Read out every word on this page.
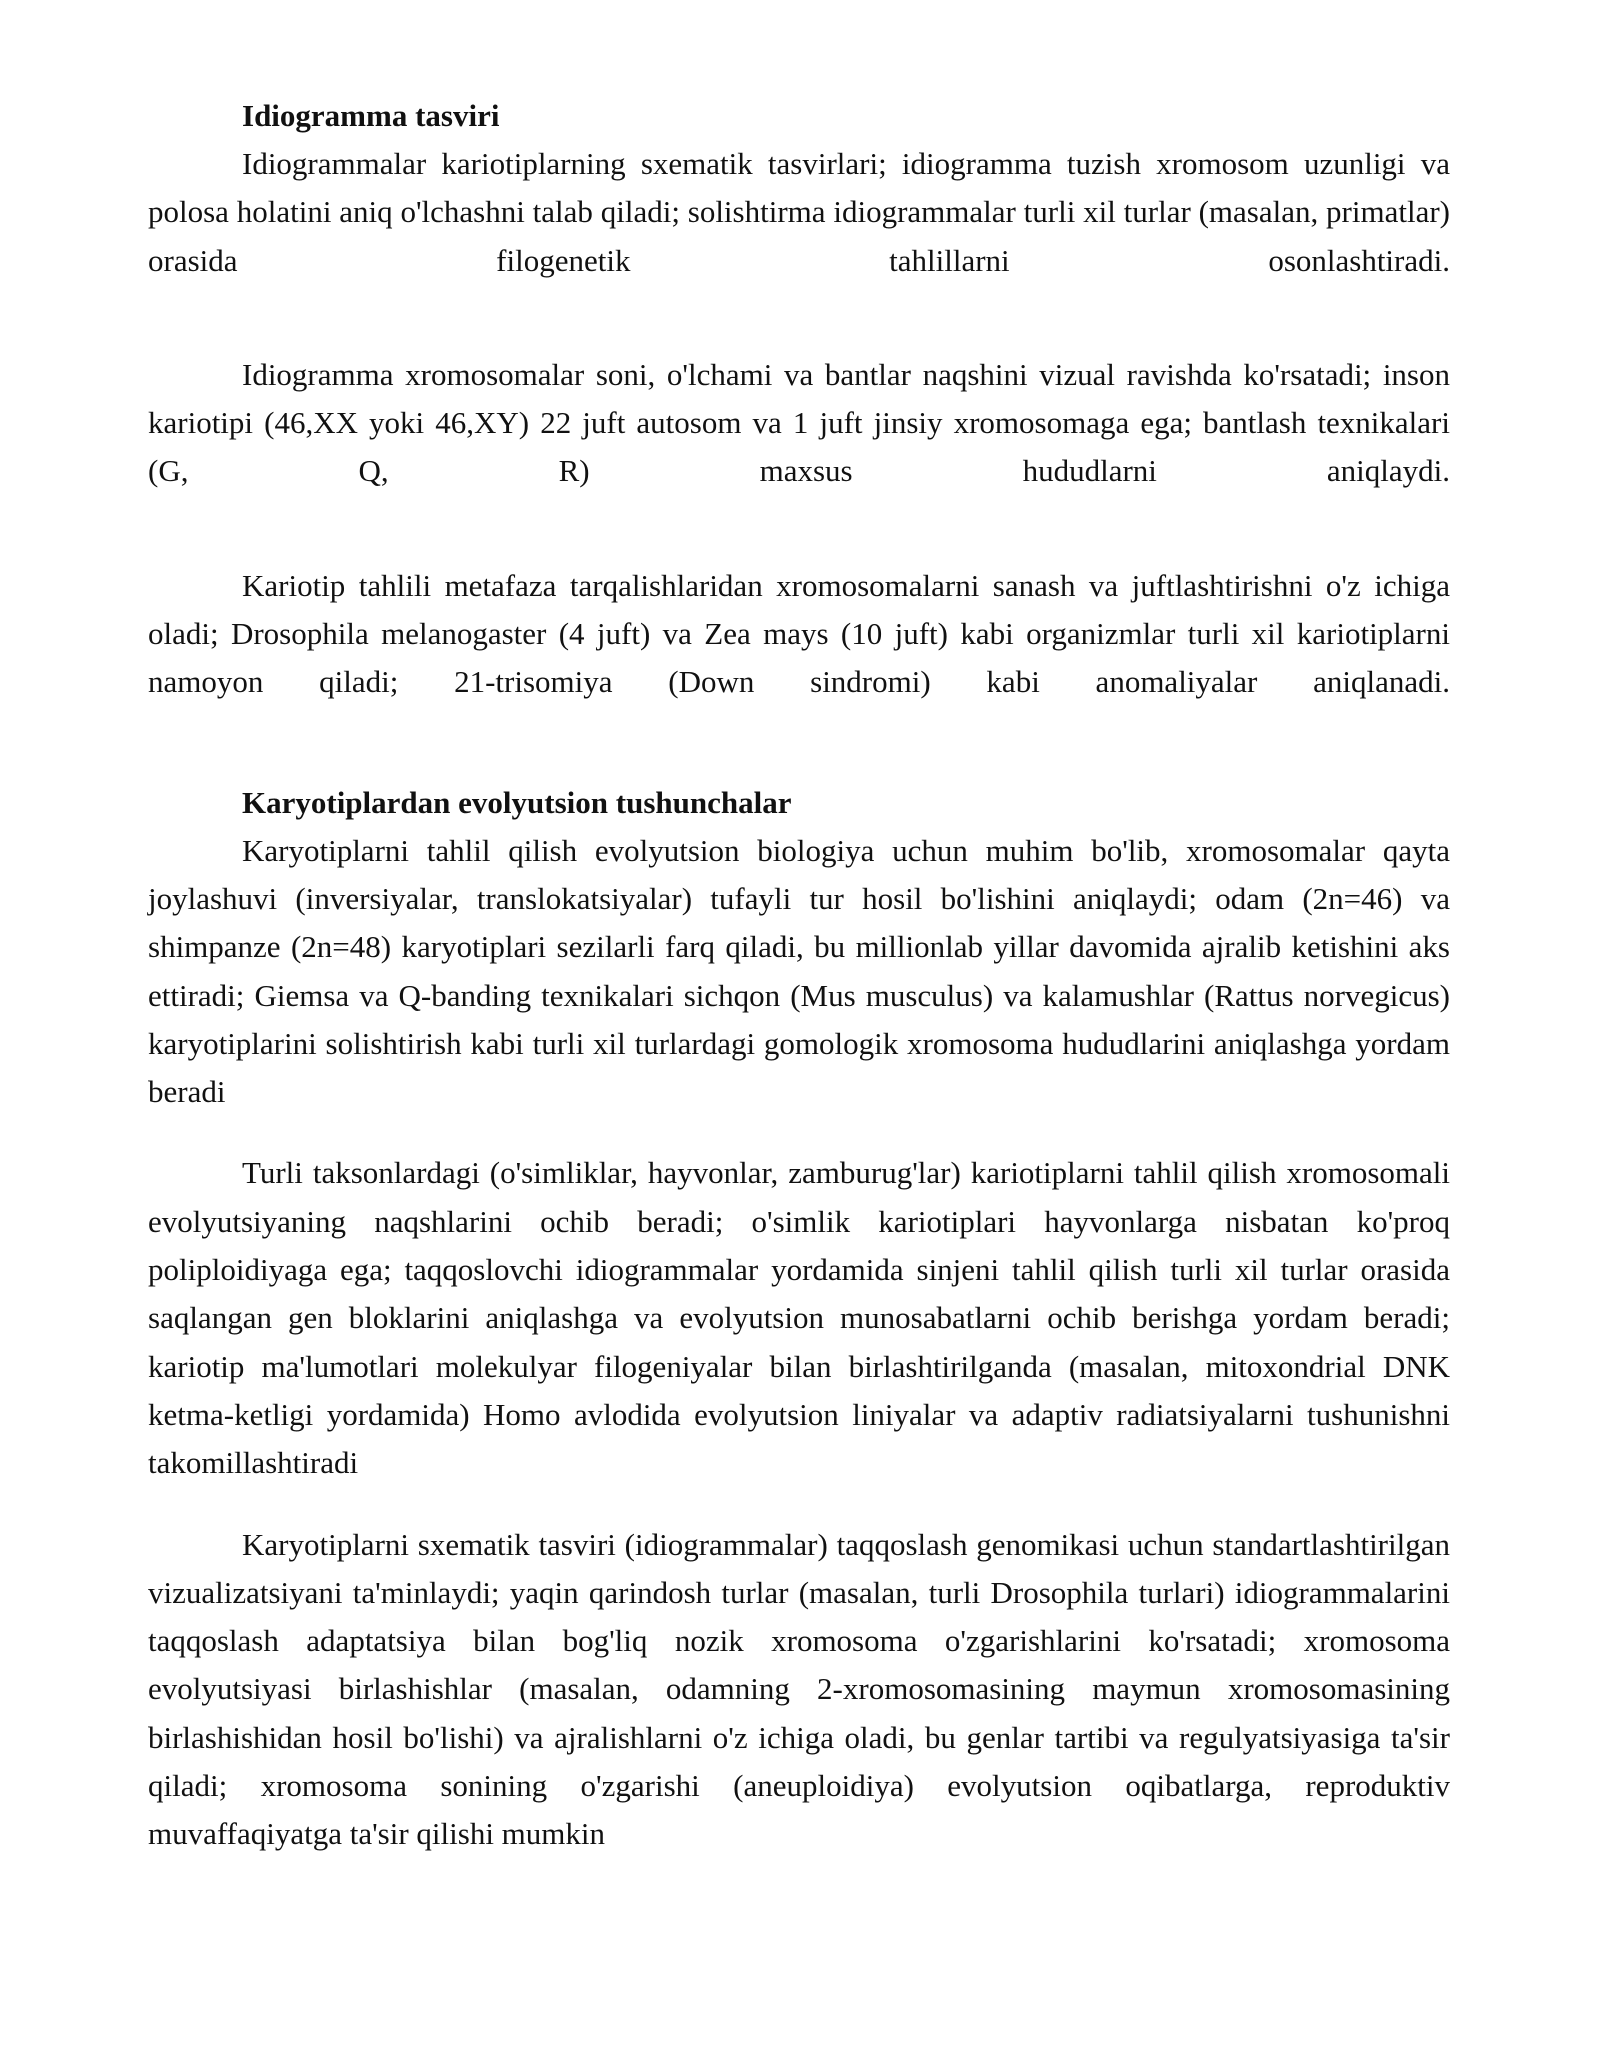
Idiogramma tasviri

Idiogrammalar kariotiplarning sxematik tasvirlari; idiogramma tuzish xromosom uzunligi va polosa holatini aniq o'lchashni talab qiladi; solishtirma idiogrammalar turli xil turlar (masalan, primatlar) orasida filogenetik tahlillarni osonlashtiradi.

Idiogramma xromosomalar soni, o'lchami va bantlar naqshini vizual ravishda ko'rsatadi; inson kariotipi (46,XX yoki 46,XY) 22 juft autosom va 1 juft jinsiy xromosomaga ega; bantlash texnikalari (G, Q, R) maxsus hududlarni aniqlaydi.

Kariotip tahlili metafaza tarqalishlaridan xromosomalarni sanash va juftlashtirishni o'z ichiga oladi; Drosophila melanogaster (4 juft) va Zea mays (10 juft) kabi organizmlar turli xil kariotiplarni namoyon qiladi; 21-trisomiya (Down sindromi) kabi anomaliyalar aniqlanadi.

Karyotiplardan evolyutsion tushunchalar

Karyotiplarni tahlil qilish evolyutsion biologiya uchun muhim bo'lib, xromosomalar qayta joylashuvi (inversiyalar, translokatsiyalar) tufayli tur hosil bo'lishini aniqlaydi; odam (2n=46) va shimpanze (2n=48) karyotiplari sezilarli farq qiladi, bu millionlab yillar davomida ajralib ketishini aks ettiradi; Giemsa va Q-banding texnikalari sichqon (Mus musculus) va kalamushlar (Rattus norvegicus) karyotiplarini solishtirish kabi turli xil turlardagi gomologik xromosoma hududlarini aniqlashga yordam beradi

Turli taksonlardagi (o'simliklar, hayvonlar, zamburug'lar) kariotiplarni tahlil qilish xromosomali evolyutsiyaning naqshlarini ochib beradi; o'simlik kariotiplari hayvonlarga nisbatan ko'proq poliploidiyaga ega; taqqoslovchi idiogrammalar yordamida sinjeni tahlil qilish turli xil turlar orasida saqlangan gen bloklarini aniqlashga va evolyutsion munosabatlarni ochib berishga yordam beradi; kariotip ma'lumotlari molekulyar filogeniyalar bilan birlashtirilganda (masalan, mitoxondrial DNK ketma-ketligi yordamida) Homo avlodida evolyutsion liniyalar va adaptiv radiatsiyalarni tushunishni takomillashtiradi

Karyotiplarni sxematik tasviri (idiogrammalar) taqqoslash genomikasi uchun standartlashtirilgan vizualizatsiyani ta'minlaydi; yaqin qarindosh turlar (masalan, turli Drosophila turlari) idiogrammalarini taqqoslash adaptatsiya bilan bog'liq nozik xromosoma o'zgarishlarini ko'rsatadi; xromosoma evolyutsiyasi birlashishlar (masalan, odamning 2-xromosomasining maymun xromosomasining birlashishidan hosil bo'lishi) va ajralishlarni o'z ichiga oladi, bu genlar tartibi va regulyatsiyasiga ta'sir qiladi; xromosoma sonining o'zgarishi (aneuploidiya) evolyutsion oqibatlarga, reproduktiv muvaffaqiyatga ta'sir qilishi mumkin
